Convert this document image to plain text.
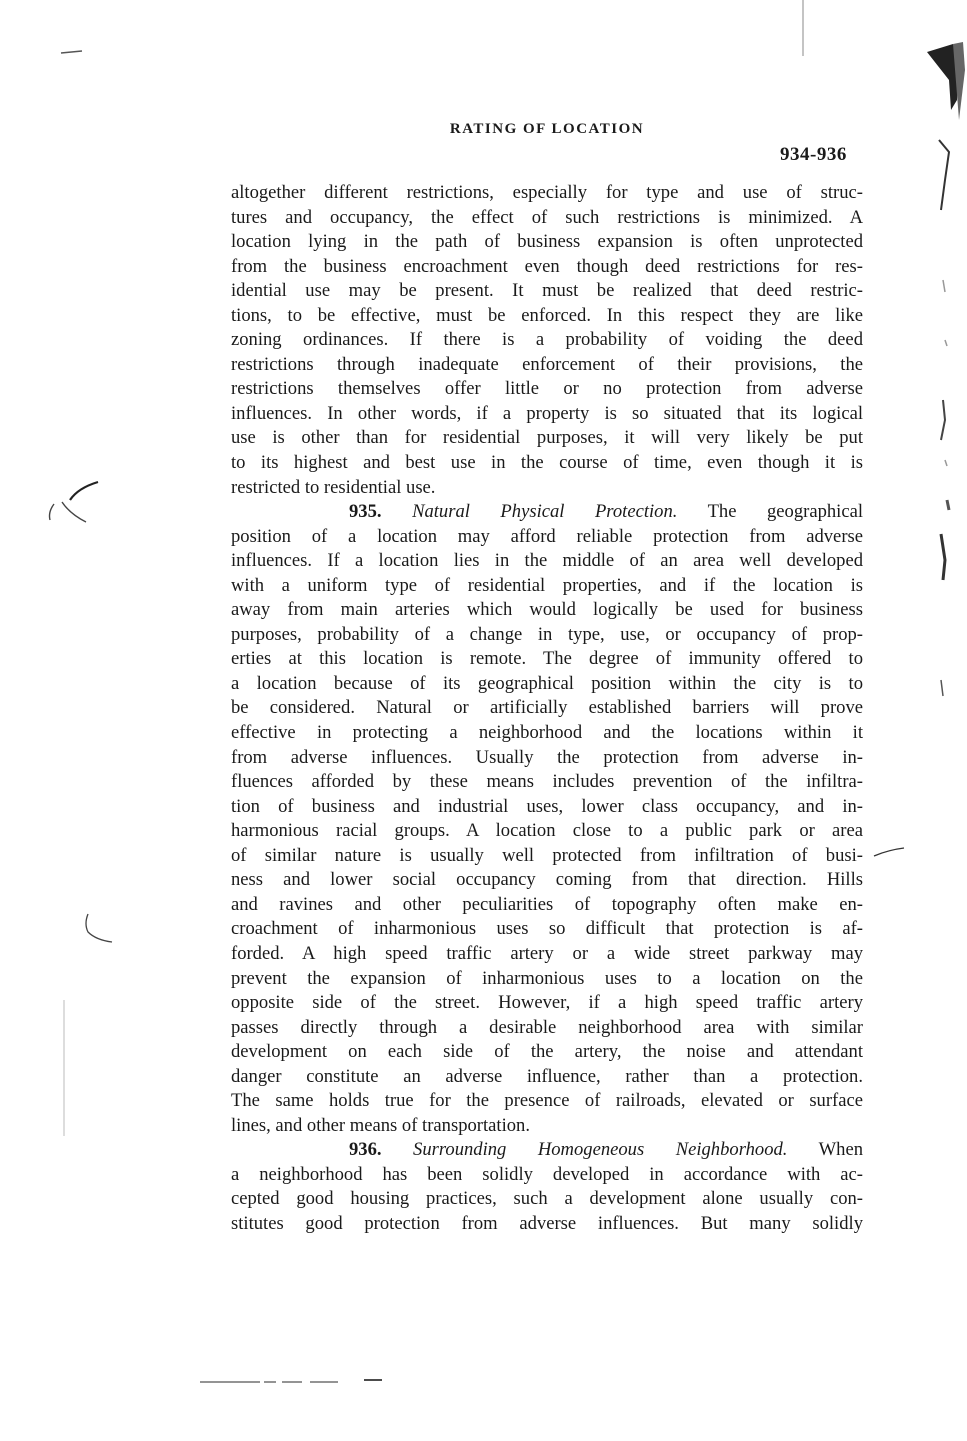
RATING OF LOCATION
934-936
altogether different restrictions, especially for type and use of struc-
tures and occupancy, the effect of such restrictions is minimized. A
location lying in the path of business expansion is often unprotected
from the business encroachment even though deed restrictions for res-
idential use may be present. It must be realized that deed restric-
tions, to be effective, must be enforced. In this respect they are like
zoning ordinances. If there is a probability of voiding the deed
restrictions through inadequate enforcement of their provisions, the
restrictions themselves offer little or no protection from adverse
influences. In other words, if a property is so situated that its logical
use is other than for residential purposes, it will very likely be put
to its highest and best use in the course of time, even though it is
restricted to residential use.
935. Natural Physical Protection. The geographical
position of a location may afford reliable protection from adverse
influences. If a location lies in the middle of an area well developed
with a uniform type of residential properties, and if the location is
away from main arteries which would logically be used for business
purposes, probability of a change in type, use, or occupancy of prop-
erties at this location is remote. The degree of immunity offered to
a location because of its geographical position within the city is to
be considered. Natural or artificially established barriers will prove
effective in protecting a neighborhood and the locations within it
from adverse influences. Usually the protection from adverse in-
fluences afforded by these means includes prevention of the infiltra-
tion of business and industrial uses, lower class occupancy, and in-
harmonious racial groups. A location close to a public park or area
of similar nature is usually well protected from infiltration of busi-
ness and lower social occupancy coming from that direction. Hills
and ravines and other peculiarities of topography often make en-
croachment of inharmonious uses so difficult that protection is af-
forded. A high speed traffic artery or a wide street parkway may
prevent the expansion of inharmonious uses to a location on the
opposite side of the street. However, if a high speed traffic artery
passes directly through a desirable neighborhood area with similar
development on each side of the artery, the noise and attendant
danger constitute an adverse influence, rather than a protection.
The same holds true for the presence of railroads, elevated or surface
lines, and other means of transportation.
936. Surrounding Homogeneous Neighborhood. When
a neighborhood has been solidly developed in accordance with ac-
cepted good housing practices, such a development alone usually con-
stitutes good protection from adverse influences. But many solidly
